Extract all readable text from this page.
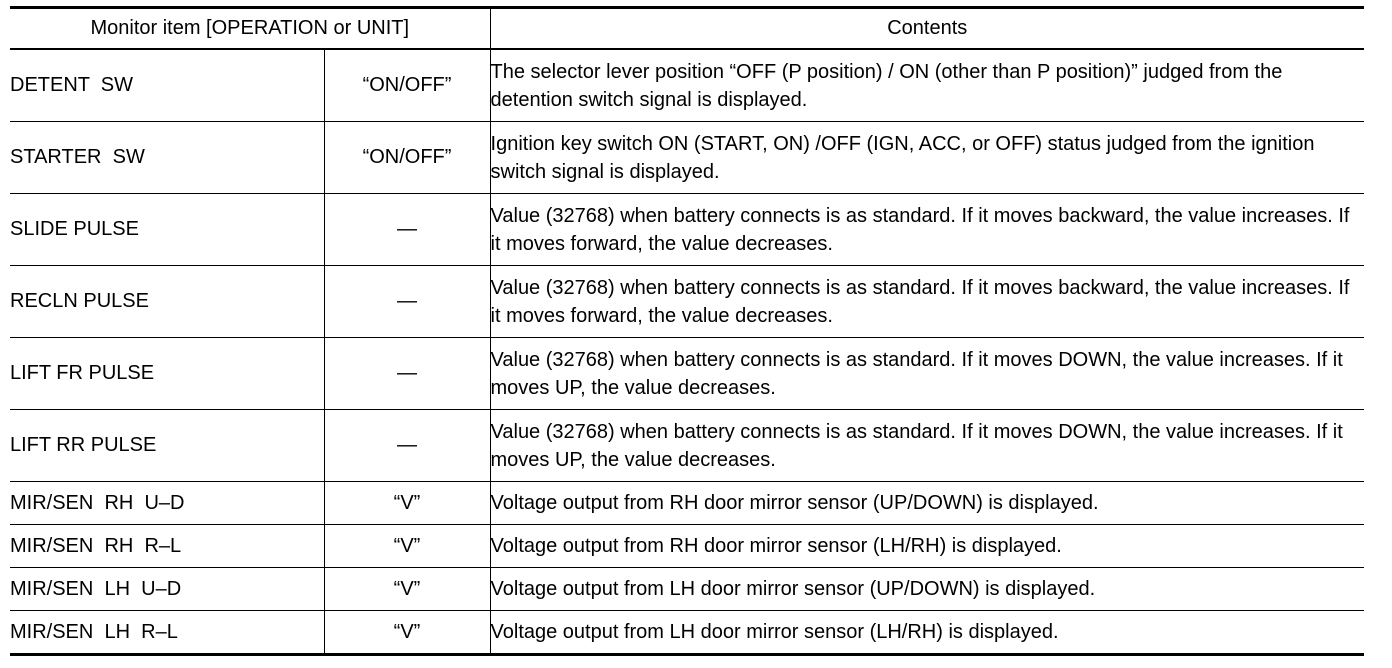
Monitor item [OPERATION or UNIT]		Contents
DETENT  SW	“ON/OFF”	The selector lever position “OFF (P position) / ON (other than P position)” judged from the detention switch signal is displayed.
STARTER  SW	“ON/OFF”	Ignition key switch ON (START, ON) /OFF (IGN, ACC, or OFF) status judged from the ignition switch signal is displayed.
SLIDE PULSE	—	Value (32768) when battery connects is as standard. If it moves backward, the value increases. If it moves forward, the value decreases.
RECLN PULSE	—	Value (32768) when battery connects is as standard. If it moves backward, the value increases. If it moves forward, the value decreases.
LIFT FR PULSE	—	Value (32768) when battery connects is as standard. If it moves DOWN, the value increases. If it moves UP, the value decreases.
LIFT RR PULSE	—	Value (32768) when battery connects is as standard. If it moves DOWN, the value increases. If it moves UP, the value decreases.
MIR/SEN  RH  U–D	“V”	Voltage output from RH door mirror sensor (UP/DOWN) is displayed.
MIR/SEN  RH  R–L	“V”	Voltage output from RH door mirror sensor (LH/RH) is displayed.
MIR/SEN  LH  U–D	“V”	Voltage output from LH door mirror sensor (UP/DOWN) is displayed.
MIR/SEN  LH  R–L	“V”	Voltage output from LH door mirror sensor (LH/RH) is displayed.
